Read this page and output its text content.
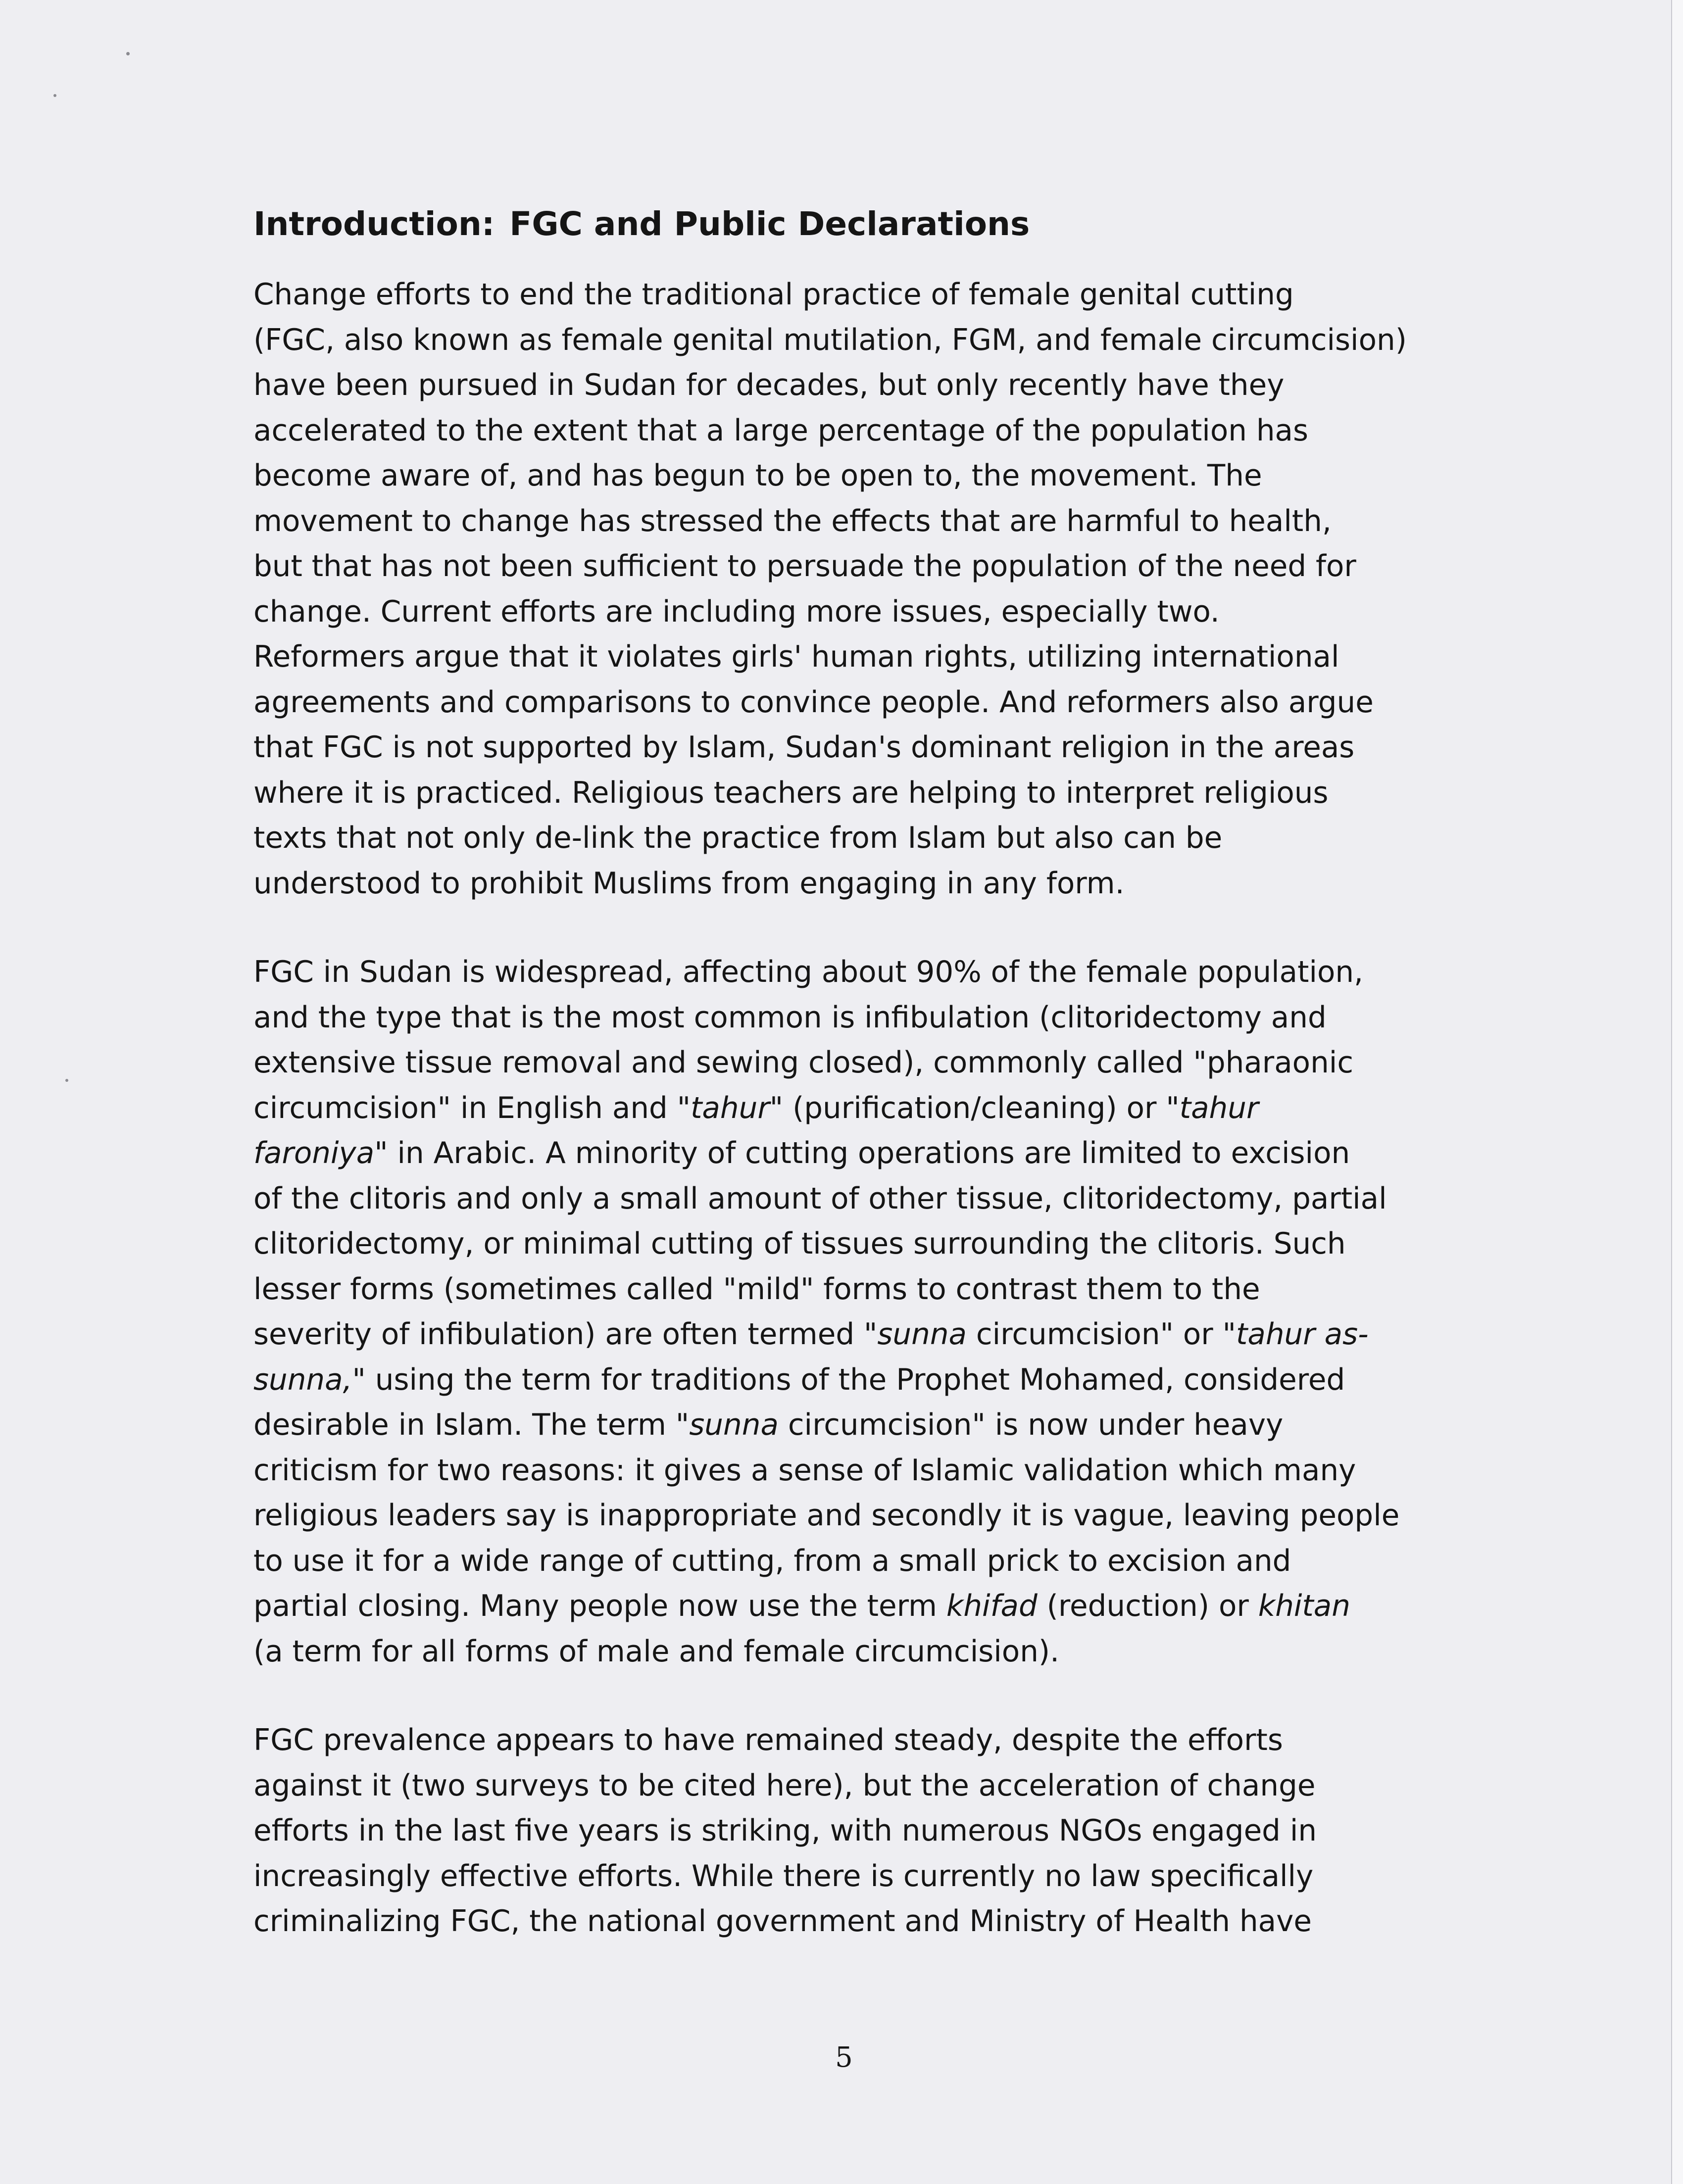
Introduction: FGC and Public Declarations
Change efforts to end the traditional practice of female genital cutting
(FGC, also known as female genital mutilation, FGM, and female circumcision)
have been pursued in Sudan for decades, but only recently have they
accelerated to the extent that a large percentage of the population has
become aware of, and has begun to be open to, the movement. The
movement to change has stressed the effects that are harmful to health,
but that has not been sufficient to persuade the population of the need for
change. Current efforts are including more issues, especially two.
Reformers argue that it violates girls' human rights, utilizing international
agreements and comparisons to convince people. And reformers also argue
that FGC is not supported by Islam, Sudan's dominant religion in the areas
where it is practiced. Religious teachers are helping to interpret religious
texts that not only de-link the practice from Islam but also can be
understood to prohibit Muslims from engaging in any form.
FGC in Sudan is widespread, affecting about 90% of the female population,
and the type that is the most common is infibulation (clitoridectomy and
extensive tissue removal and sewing closed), commonly called "pharaonic
circumcision" in English and "tahur" (purification/cleaning) or "tahur
faroniya" in Arabic. A minority of cutting operations are limited to excision
of the clitoris and only a small amount of other tissue, clitoridectomy, partial
clitoridectomy, or minimal cutting of tissues surrounding the clitoris. Such
lesser forms (sometimes called "mild" forms to contrast them to the
severity of infibulation) are often termed "sunna circumcision" or "tahur as-
sunna," using the term for traditions of the Prophet Mohamed, considered
desirable in Islam. The term "sunna circumcision" is now under heavy
criticism for two reasons: it gives a sense of Islamic validation which many
religious leaders say is inappropriate and secondly it is vague, leaving people
to use it for a wide range of cutting, from a small prick to excision and
partial closing. Many people now use the term khifad (reduction) or khitan
(a term for all forms of male and female circumcision).
FGC prevalence appears to have remained steady, despite the efforts
against it (two surveys to be cited here), but the acceleration of change
efforts in the last five years is striking, with numerous NGOs engaged in
increasingly effective efforts. While there is currently no law specifically
criminalizing FGC, the national government and Ministry of Health have
5
